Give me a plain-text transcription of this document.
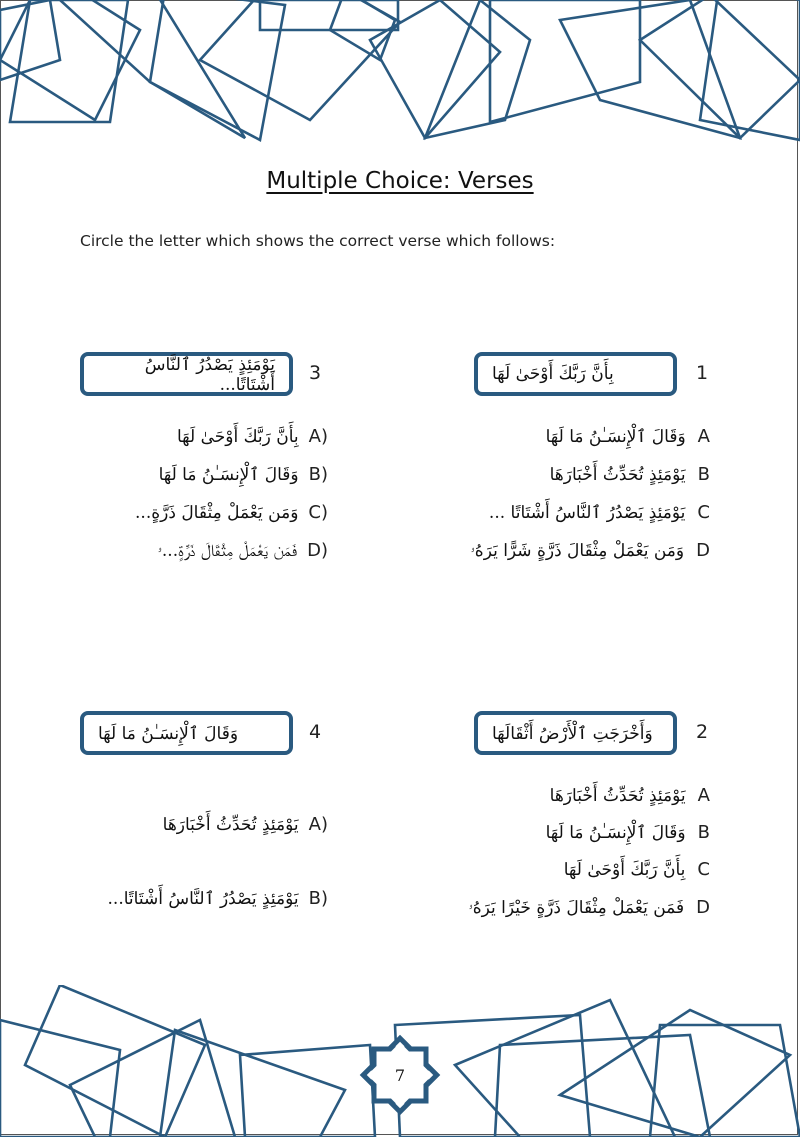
Multiple Choice: Verses
Circle the letter which shows the correct verse which follows:
1
بِأَنَّ رَبَّكَ أَوْحَىٰ لَهَا
A
وَقَالَ ٱلْإِنسَـٰنُ مَا لَهَا
B
يَوْمَئِذٍ تُحَدِّثُ أَخْبَارَهَا
C
يَوْمَئِذٍ يَصْدُرُ ٱلنَّاسُ أَشْتَاتًا ...
D
وَمَن يَعْمَلْ مِثْقَالَ ذَرَّةٍ شَرًّا يَرَهُۥ
3
يَوْمَئِذٍ يَصْدُرُ ٱلنَّاسُ أَشْتَاتًا...
A)
بِأَنَّ رَبَّكَ أَوْحَىٰ لَهَا
B)
وَقَالَ ٱلْإِنسَـٰنُ مَا لَهَا
C)
وَمَن يَعْمَلْ مِثْقَالَ ذَرَّةٍ...
D)
فَمَن يَعْمَلْ مِثْقَالَ ذَرَّةٍ...ۥ
2
وَأَخْرَجَتِ ٱلْأَرْضُ أَثْقَالَهَا
A
يَوْمَئِذٍ تُحَدِّثُ أَخْبَارَهَا
B
وَقَالَ ٱلْإِنسَـٰنُ مَا لَهَا
C
بِأَنَّ رَبَّكَ أَوْحَىٰ لَهَا
D
فَمَن يَعْمَلْ مِثْقَالَ ذَرَّةٍ خَيْرًا يَرَهُۥ
4
وَقَالَ ٱلْإِنسَـٰنُ مَا لَهَا
A)
يَوْمَئِذٍ تُحَدِّثُ أَخْبَارَهَا
B)
يَوْمَئِذٍ يَصْدُرُ ٱلنَّاسُ أَشْتَاتًا...
7
